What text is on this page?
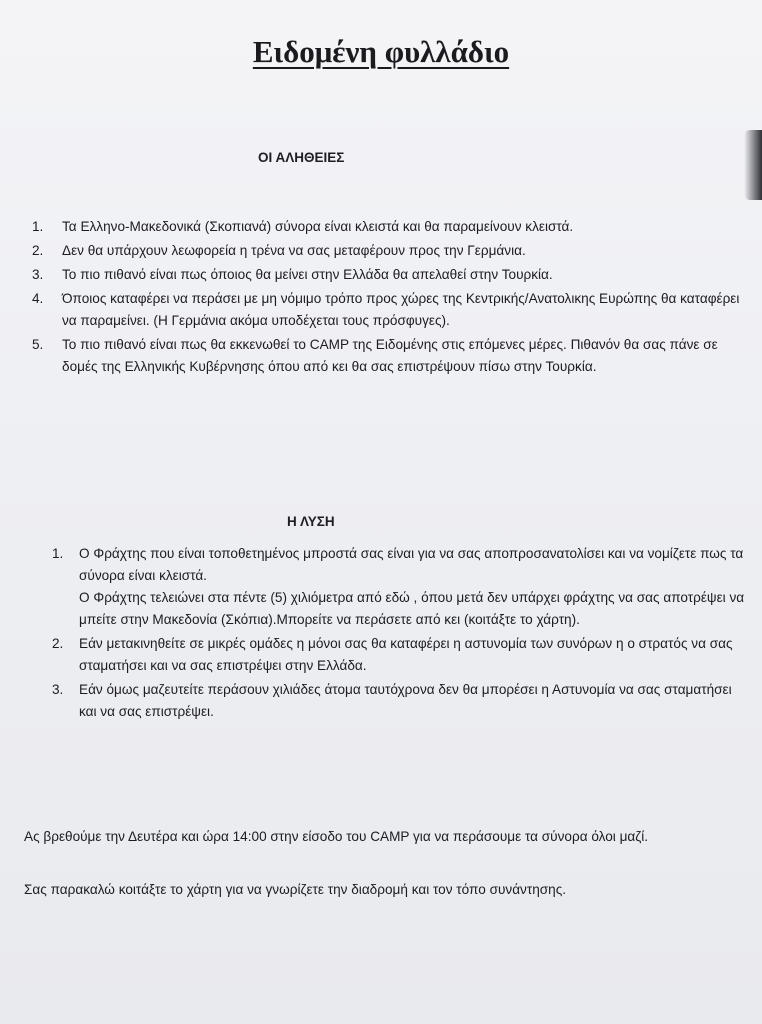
Ειδομένη φυλλάδιο
ΟΙ ΑΛΗΘΕΙΕΣ
1.	Τα Ελληνο-Μακεδονικά (Σκοπιανά) σύνορα είναι κλειστά και θα παραμείνουν κλειστά.
2.	Δεν θα υπάρχουν λεωφορεία η τρένα να σας μεταφέρουν προς την Γερμάνια.
3.	Το πιο πιθανό είναι πως όποιος θα μείνει στην Ελλάδα θα απελαθεί στην Τουρκία.
4.	Όποιος καταφέρει να περάσει με μη νόμιμο τρόπο προς χώρες της Κεντρικής/Ανατολικης Ευρώπης θα καταφέρει να παραμείνει. (Η Γερμάνια ακόμα υποδέχεται τους πρόσφυγες).
5.	Το πιο πιθανό είναι πως θα εκκενωθεί το CAMP της Ειδομένης στις επόμενες μέρες. Πιθανόν θα σας πάνε σε δομές της Ελληνικής Κυβέρνησης όπου από κει θα σας επιστρέψουν πίσω στην Τουρκία.
Η ΛΥΣΗ
1.	Ο Φράχτης που είναι τοποθετημένος μπροστά σας είναι για να σας αποπροσανατολίσει και να νομίζετε πως τα σύνορα είναι κλειστά.
Ο Φράχτης τελειώνει στα πέντε (5) χιλιόμετρα από εδώ , όπου μετά δεν υπάρχει φράχτης να σας αποτρέψει να μπείτε στην Μακεδονία (Σκόπια).Μπορείτε να περάσετε από κει (κοιτάξτε το χάρτη).
2.	Εάν μετακινηθείτε σε μικρές ομάδες η μόνοι σας θα καταφέρει η αστυνομία των συνόρων η ο στρατός να σας σταματήσει και να σας επιστρέψει στην Ελλάδα.
3.	Εάν όμως μαζευτείτε περάσουν χιλιάδες άτομα ταυτόχρονα δεν θα μπορέσει η Αστυνομία να σας σταματήσει και να σας επιστρέψει.
Ας βρεθούμε την Δευτέρα και ώρα 14:00 στην είσοδο του CAMP για να περάσουμε τα σύνορα όλοι μαζί.
Σας παρακαλώ κοιτάξτε το χάρτη για να γνωρίζετε την διαδρομή και τον τόπο συνάντησης.
